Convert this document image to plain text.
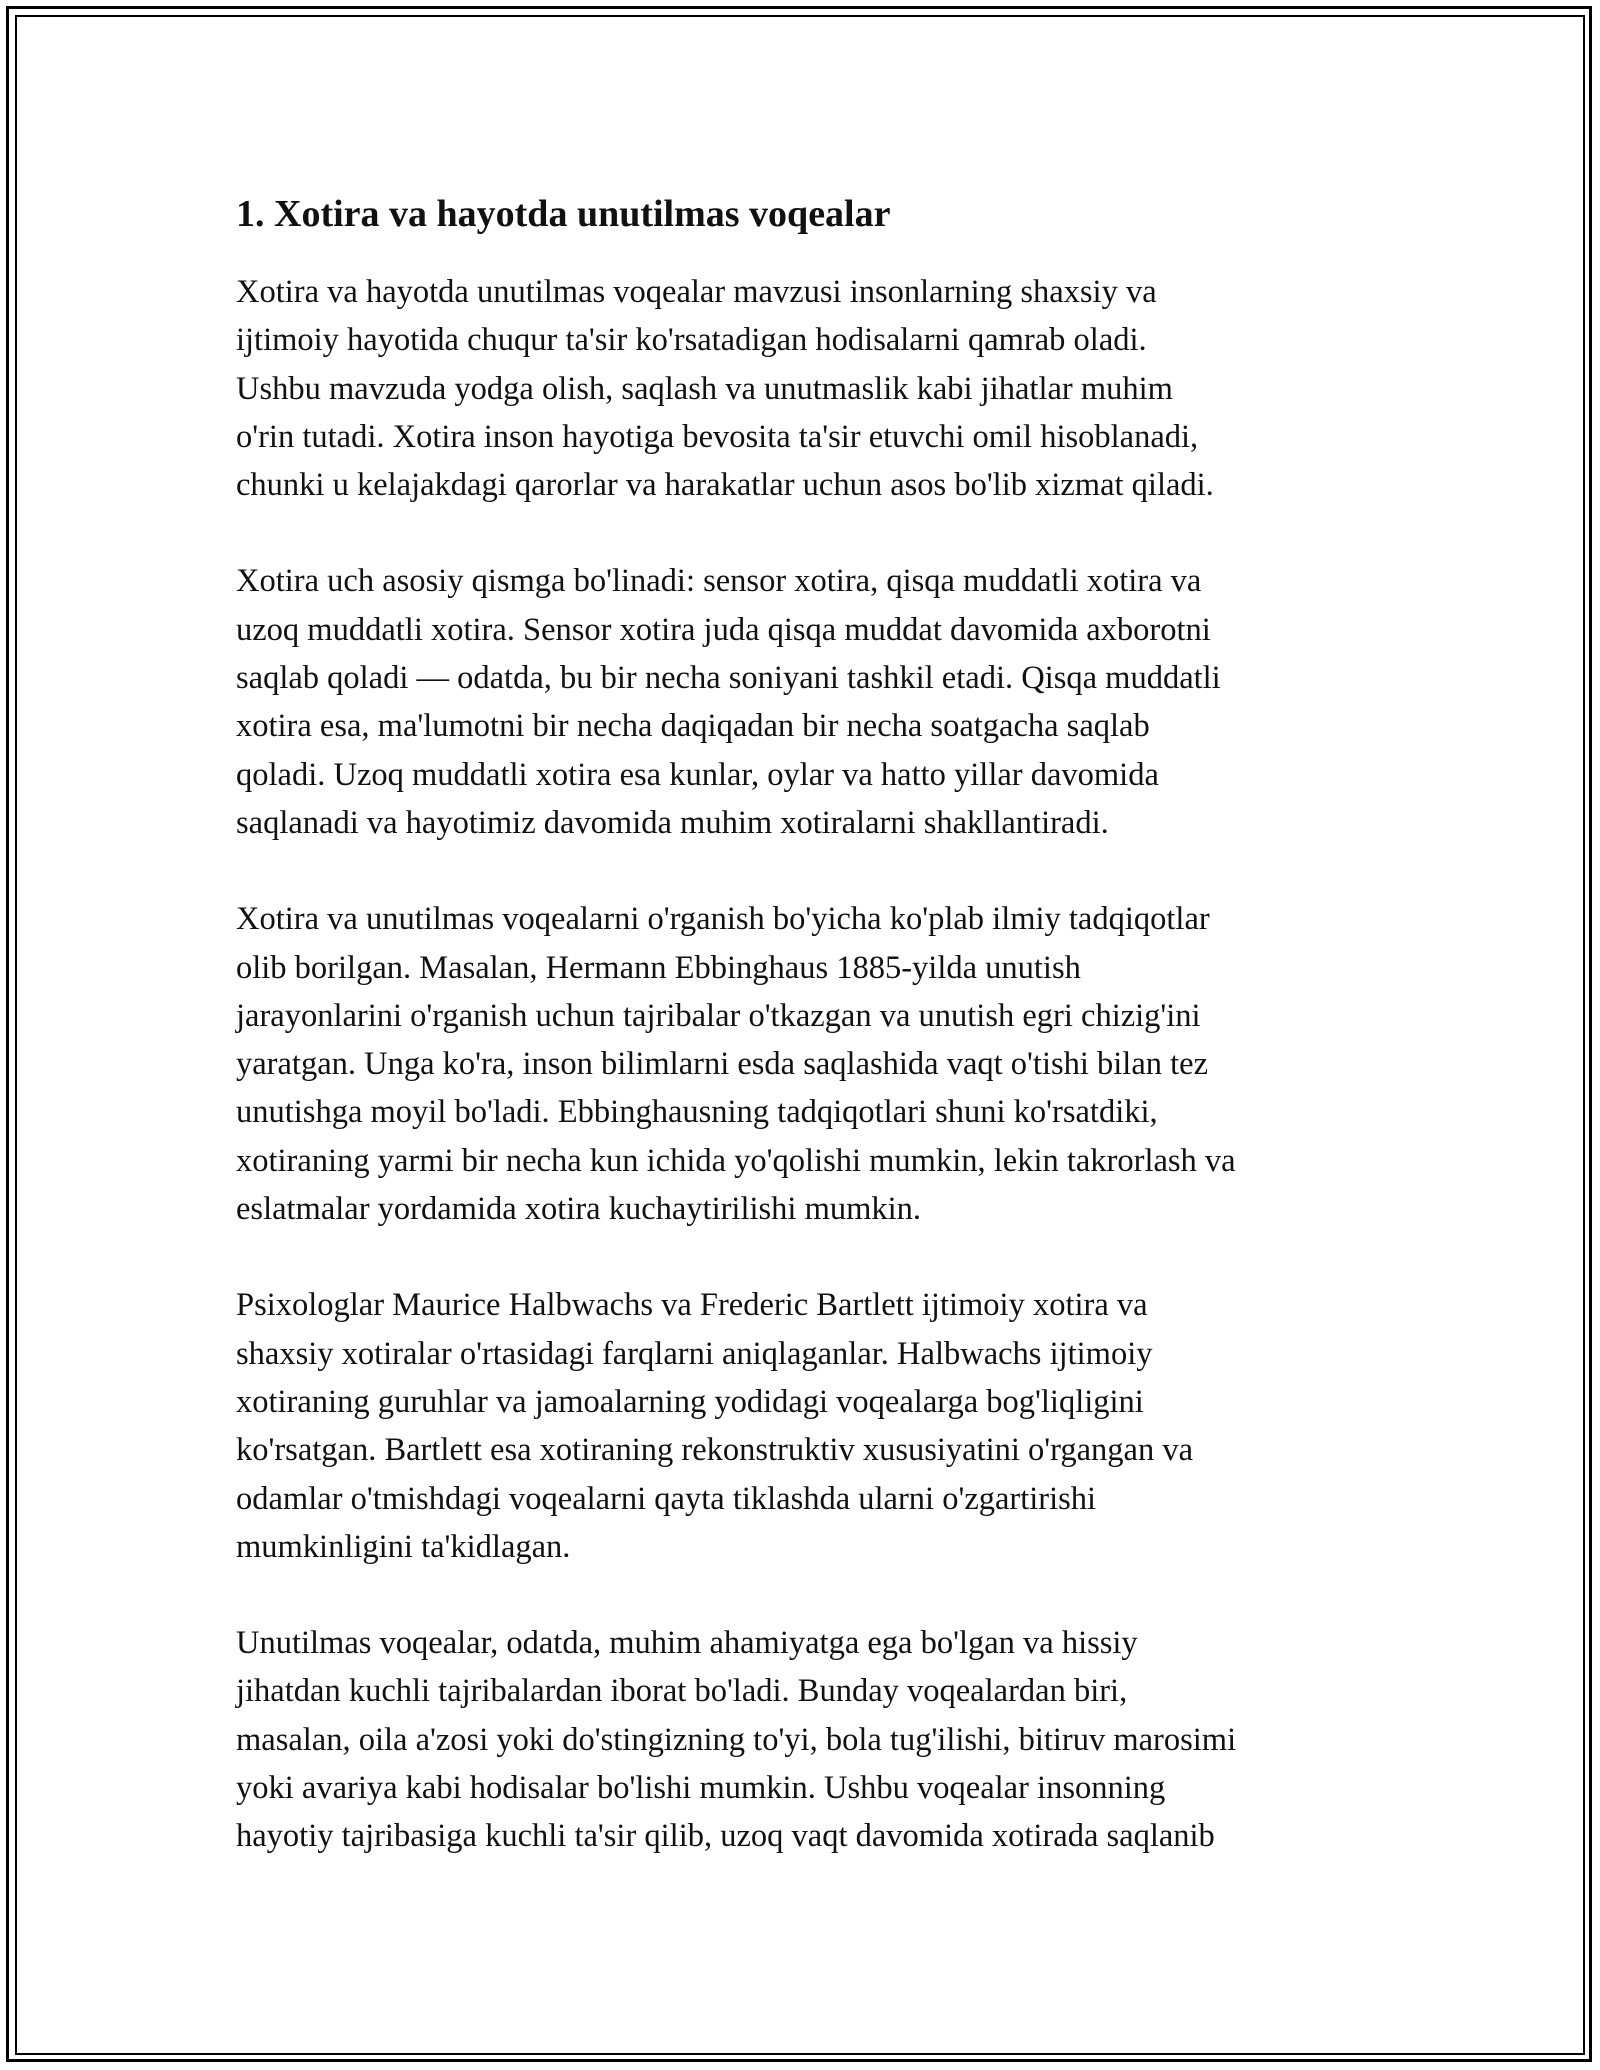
1. Xotira va hayotda unutilmas voqealar
Xotira va hayotda unutilmas voqealar mavzusi insonlarning shaxsiy va
ijtimoiy hayotida chuqur ta'sir ko'rsatadigan hodisalarni qamrab oladi.
Ushbu mavzuda yodga olish, saqlash va unutmaslik kabi jihatlar muhim
o'rin tutadi. Xotira inson hayotiga bevosita ta'sir etuvchi omil hisoblanadi,
chunki u kelajakdagi qarorlar va harakatlar uchun asos bo'lib xizmat qiladi.
Xotira uch asosiy qismga bo'linadi: sensor xotira, qisqa muddatli xotira va
uzoq muddatli xotira. Sensor xotira juda qisqa muddat davomida axborotni
saqlab qoladi — odatda, bu bir necha soniyani tashkil etadi. Qisqa muddatli
xotira esa, ma'lumotni bir necha daqiqadan bir necha soatgacha saqlab
qoladi. Uzoq muddatli xotira esa kunlar, oylar va hatto yillar davomida
saqlanadi va hayotimiz davomida muhim xotiralarni shakllantiradi.
Xotira va unutilmas voqealarni o'rganish bo'yicha ko'plab ilmiy tadqiqotlar
olib borilgan. Masalan, Hermann Ebbinghaus 1885-yilda unutish
jarayonlarini o'rganish uchun tajribalar o'tkazgan va unutish egri chizig'ini
yaratgan. Unga ko'ra, inson bilimlarni esda saqlashida vaqt o'tishi bilan tez
unutishga moyil bo'ladi. Ebbinghausning tadqiqotlari shuni ko'rsatdiki,
xotiraning yarmi bir necha kun ichida yo'qolishi mumkin, lekin takrorlash va
eslatmalar yordamida xotira kuchaytirilishi mumkin.
Psixologlar Maurice Halbwachs va Frederic Bartlett ijtimoiy xotira va
shaxsiy xotiralar o'rtasidagi farqlarni aniqlaganlar. Halbwachs ijtimoiy
xotiraning guruhlar va jamoalarning yodidagi voqealarga bog'liqligini
ko'rsatgan. Bartlett esa xotiraning rekonstruktiv xususiyatini o'rgangan va
odamlar o'tmishdagi voqealarni qayta tiklashda ularni o'zgartirishi
mumkinligini ta'kidlagan.
Unutilmas voqealar, odatda, muhim ahamiyatga ega bo'lgan va hissiy
jihatdan kuchli tajribalardan iborat bo'ladi. Bunday voqealardan biri,
masalan, oila a'zosi yoki do'stingizning to'yi, bola tug'ilishi, bitiruv marosimi
yoki avariya kabi hodisalar bo'lishi mumkin. Ushbu voqealar insonning
hayotiy tajribasiga kuchli ta'sir qilib, uzoq vaqt davomida xotirada saqlanib
